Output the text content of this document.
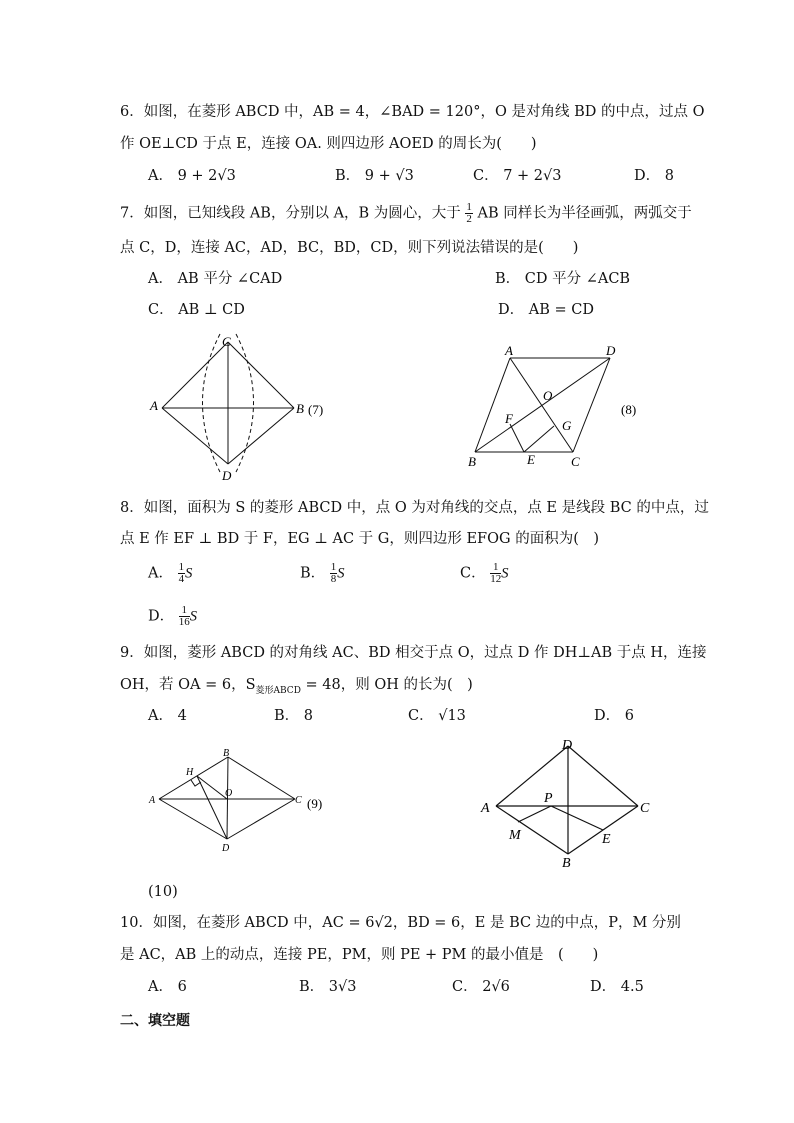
6．如图，在菱形 ABCD 中，AB = 4，∠BAD = 120°，O 是对角线 BD 的中点，过点 O
作 OE⊥CD 于点 E，连接 OA. 则四边形 AOED 的周长为(　　)
A． 9 + 2√3	B． 9 + √3	C． 7 + 2√3	D． 8
7．如图，已知线段 AB，分别以 A，B 为圆心，大于 $\frac{1}{2}$ AB 同样长为半径画弧，两弧交于
点 C，D，连接 AC，AD，BC，BD，CD，则下列说法错误的是(　　)
A． AB 平分 ∠CAD	B． CD 平分 ∠ACB
C． AB ⊥ CD	D． AB = CD
C
A	B
D
(7)
A	D
O
F	G
B	E	C
(8)
8．如图，面积为 S 的菱形 ABCD 中，点 O 为对角线的交点，点 E 是线段 BC 的中点，过
点 E 作 EF ⊥ BD 于 F，EG ⊥ AC 于 G，则四边形 EFOG 的面积为(　)
A． $\frac{1}{4}$ S	B． $\frac{1}{8}$ S	C． $\frac{1}{12}$ S
D． $\frac{1}{16}$ S
9．如图，菱形 ABCD 的对角线 AC、BD 相交于点 O，过点 D 作 DH⊥AB 于点 H，连接
OH，若 OA = 6，$S_{菱形ABCD} = 48$，则 OH 的长为(　)
A． 4	B． 8	C． √13	D． 6
B
H
A
O
C
D
(9)
D
A
P
C
M	E
B
(10)
10．如图，在菱形 ABCD 中，AC = 6√2，BD = 6，E 是 BC 边的中点，P，M 分别
是 AC，AB 上的动点，连接 PE，PM，则 PE + PM 的最小值是　(　　)
A． 6	B． 3√3	C． 2√6	D． 4.5
二、填空题
